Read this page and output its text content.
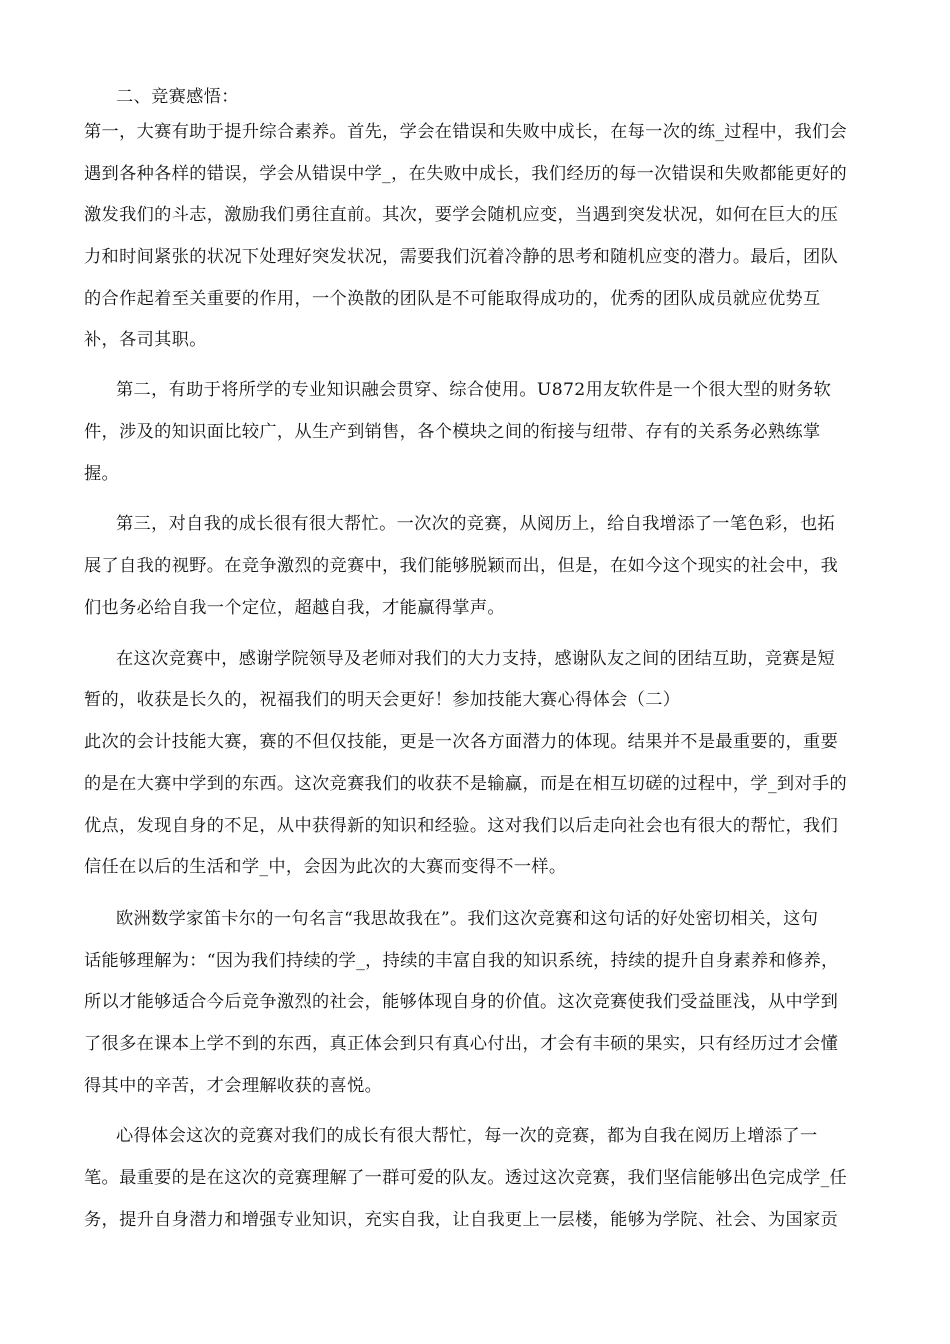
二、竞赛感悟：
第一，大赛有助于提升综合素养。首先，学会在错误和失败中成长，在每一次的练_过程中，我们会
遇到各种各样的错误，学会从错误中学_，在失败中成长，我们经历的每一次错误和失败都能更好的
激发我们的斗志，激励我们勇往直前。其次，要学会随机应变，当遇到突发状况，如何在巨大的压
力和时间紧张的状况下处理好突发状况，需要我们沉着冷静的思考和随机应变的潜力。最后，团队
的合作起着至关重要的作用，一个涣散的团队是不可能取得成功的，优秀的团队成员就应优势互
补，各司其职。
第二，有助于将所学的专业知识融会贯穿、综合使用。U872用友软件是一个很大型的财务软
件，涉及的知识面比较广，从生产到销售，各个模块之间的衔接与纽带、存有的关系务必熟练掌
握。
第三，对自我的成长很有很大帮忙。一次次的竞赛，从阅历上，给自我增添了一笔色彩，也拓
展了自我的视野。在竞争激烈的竞赛中，我们能够脱颖而出，但是，在如今这个现实的社会中，我
们也务必给自我一个定位，超越自我，才能赢得掌声。
在这次竞赛中，感谢学院领导及老师对我们的大力支持，感谢队友之间的团结互助，竞赛是短
暂的，收获是长久的，祝福我们的明天会更好！参加技能大赛心得体会（二）
此次的会计技能大赛，赛的不但仅技能，更是一次各方面潜力的体现。结果并不是最重要的，重要
的是在大赛中学到的东西。这次竞赛我们的收获不是输赢，而是在相互切磋的过程中，学_到对手的
优点，发现自身的不足，从中获得新的知识和经验。这对我们以后走向社会也有很大的帮忙，我们
信任在以后的生活和学_中，会因为此次的大赛而变得不一样。
欧洲数学家笛卡尔的一句名言“我思故我在”。我们这次竞赛和这句话的好处密切相关，这句
话能够理解为：“因为我们持续的学_，持续的丰富自我的知识系统，持续的提升自身素养和修养，
所以才能够适合今后竞争激烈的社会，能够体现自身的价值。这次竞赛使我们受益匪浅，从中学到
了很多在课本上学不到的东西，真正体会到只有真心付出，才会有丰硕的果实，只有经历过才会懂
得其中的辛苦，才会理解收获的喜悦。
心得体会这次的竞赛对我们的成长有很大帮忙，每一次的竞赛，都为自我在阅历上增添了一
笔。最重要的是在这次的竞赛理解了一群可爱的队友。透过这次竞赛，我们坚信能够出色完成学_任
务，提升自身潜力和增强专业知识，充实自我，让自我更上一层楼，能够为学院、社会、为国家贡
